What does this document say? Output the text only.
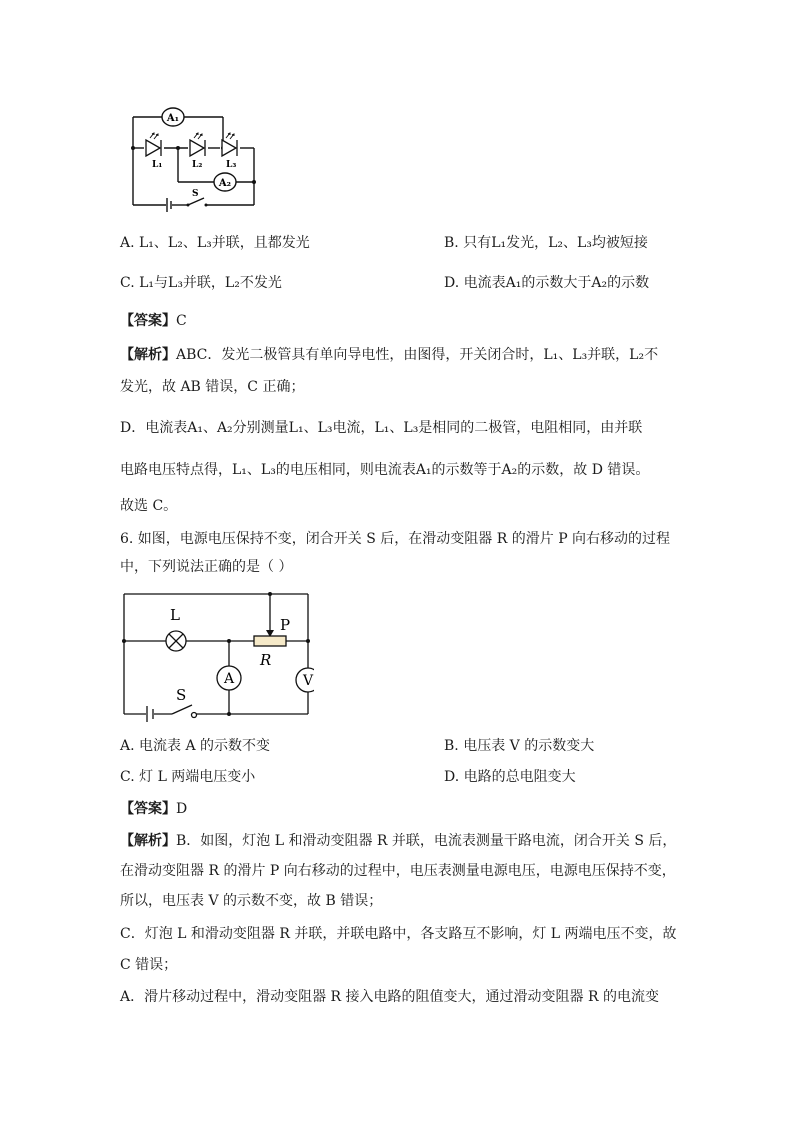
A₁
A₂
L₁	L₂	L₃
S
A. L₁、L₂、L₃并联，且都发光	B. 只有L₁发光，L₂、L₃均被短接
C. L₁与L₃并联，L₂不发光	D. 电流表A₁的示数大于A₂的示数
【答案】C
【解析】ABC．发光二极管具有单向导电性，由图得，开关闭合时，L₁、L₃并联，L₂不
发光，故 AB 错误，C 正确；
D．电流表A₁、A₂分别测量L₁、L₃电流，L₁、L₃是相同的二极管，电阻相同，由并联
电路电压特点得，L₁、L₃的电压相同，则电流表A₁的示数等于A₂的示数，故 D 错误。
故选 C。
6. 如图，电源电压保持不变，闭合开关 S 后，在滑动变阻器 R 的滑片 P 向右移动的过程
中，下列说法正确的是（ ）
A	V
L
P
R
S
A. 电流表 A 的示数不变	B. 电压表 V 的示数变大
C. 灯 L 两端电压变小	D. 电路的总电阻变大
【答案】D
【解析】B．如图，灯泡 L 和滑动变阻器 R 并联，电流表测量干路电流，闭合开关 S 后，
在滑动变阻器 R 的滑片 P 向右移动的过程中，电压表测量电源电压，电源电压保持不变，
所以，电压表 V 的示数不变，故 B 错误；
C．灯泡 L 和滑动变阻器 R 并联，并联电路中，各支路互不影响，灯 L 两端电压不变，故
C 错误；
A．滑片移动过程中，滑动变阻器 R 接入电路的阻值变大，通过滑动变阻器 R 的电流变
